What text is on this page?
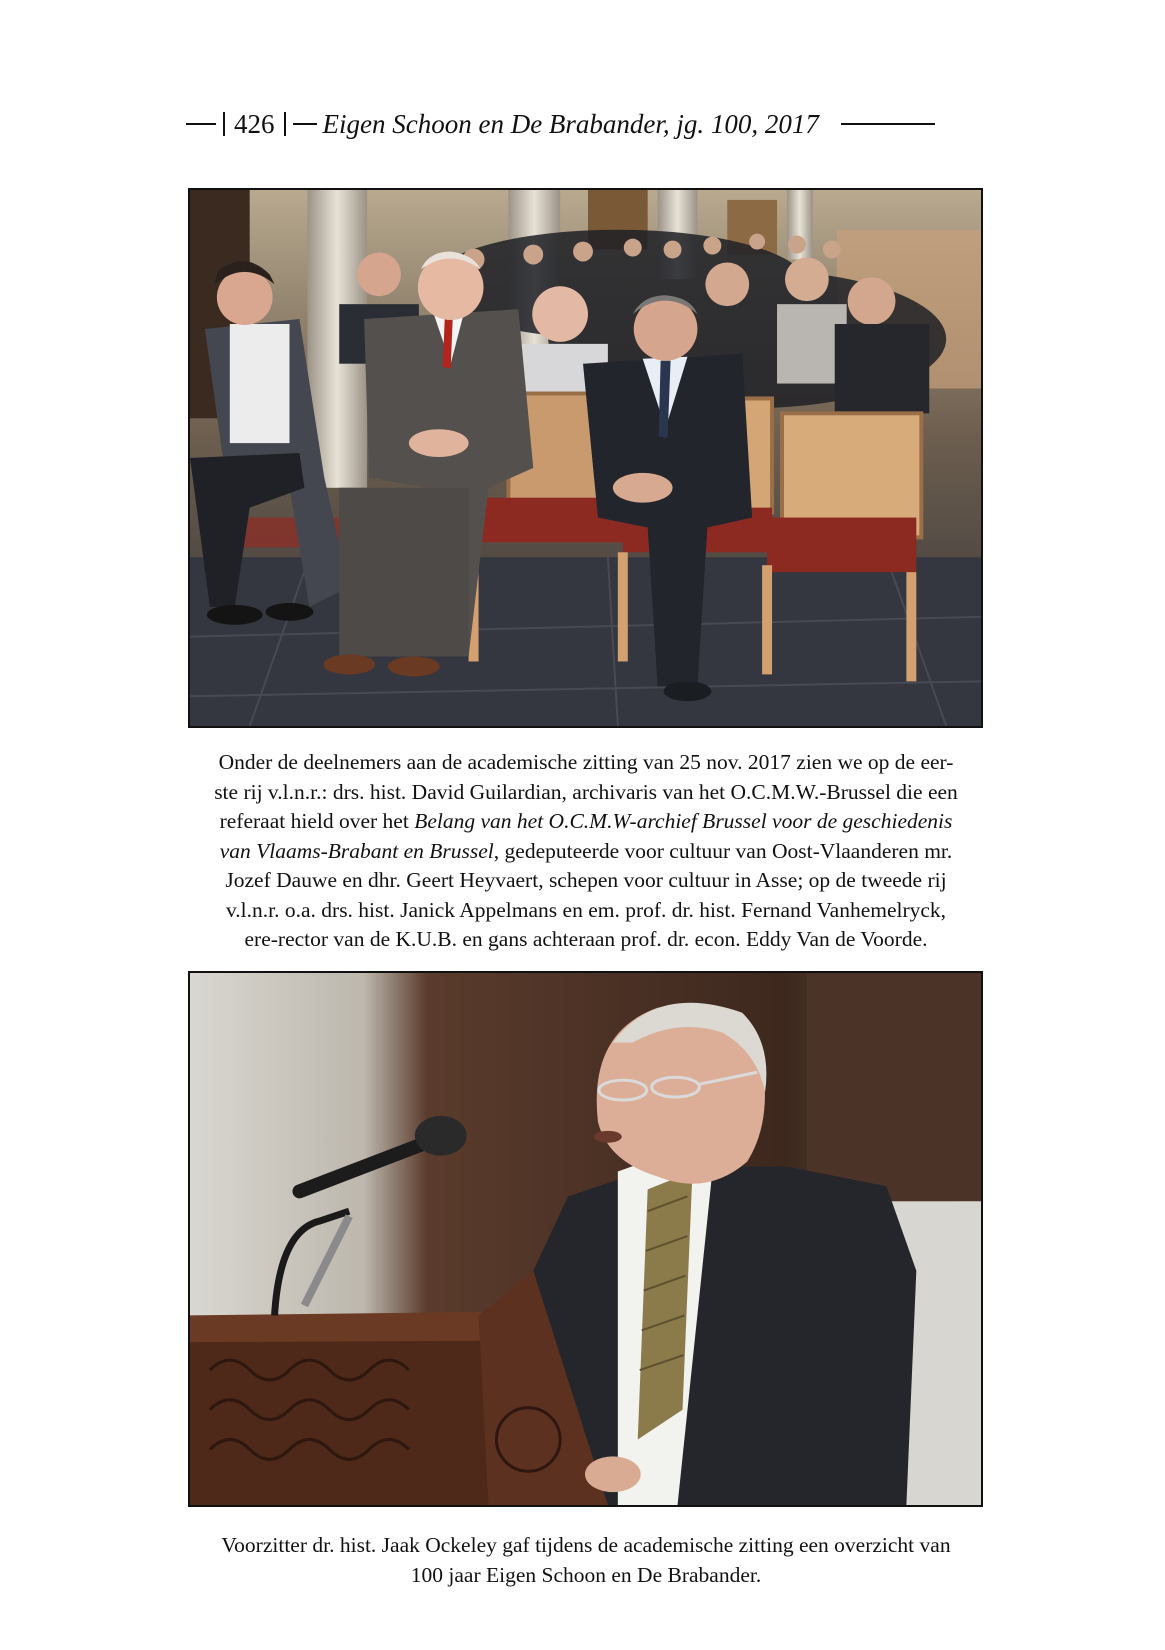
426 Eigen Schoon en De Brabander, jg. 100, 2017
Onder de deelnemers aan de academische zitting van 25 nov. 2017 zien we op de eer-
ste rij v.l.n.r.: drs. hist. David Guilardian, archivaris van het O.C.M.W.-Brussel die een
referaat hield over het Belang van het O.C.M.W-archief Brussel voor de geschiedenis
van Vlaams-Brabant en Brussel, gedeputeerde voor cultuur van Oost-Vlaanderen mr.
Jozef Dauwe en dhr. Geert Heyvaert, schepen voor cultuur in Asse; op de tweede rij
v.l.n.r. o.a. drs. hist. Janick Appelmans en em. prof. dr. hist. Fernand Vanhemelryck,
ere-rector van de K.U.B. en gans achteraan prof. dr. econ. Eddy Van de Voorde.
Voorzitter dr. hist. Jaak Ockeley gaf tijdens de academische zitting een overzicht van
100 jaar Eigen Schoon en De Brabander.
